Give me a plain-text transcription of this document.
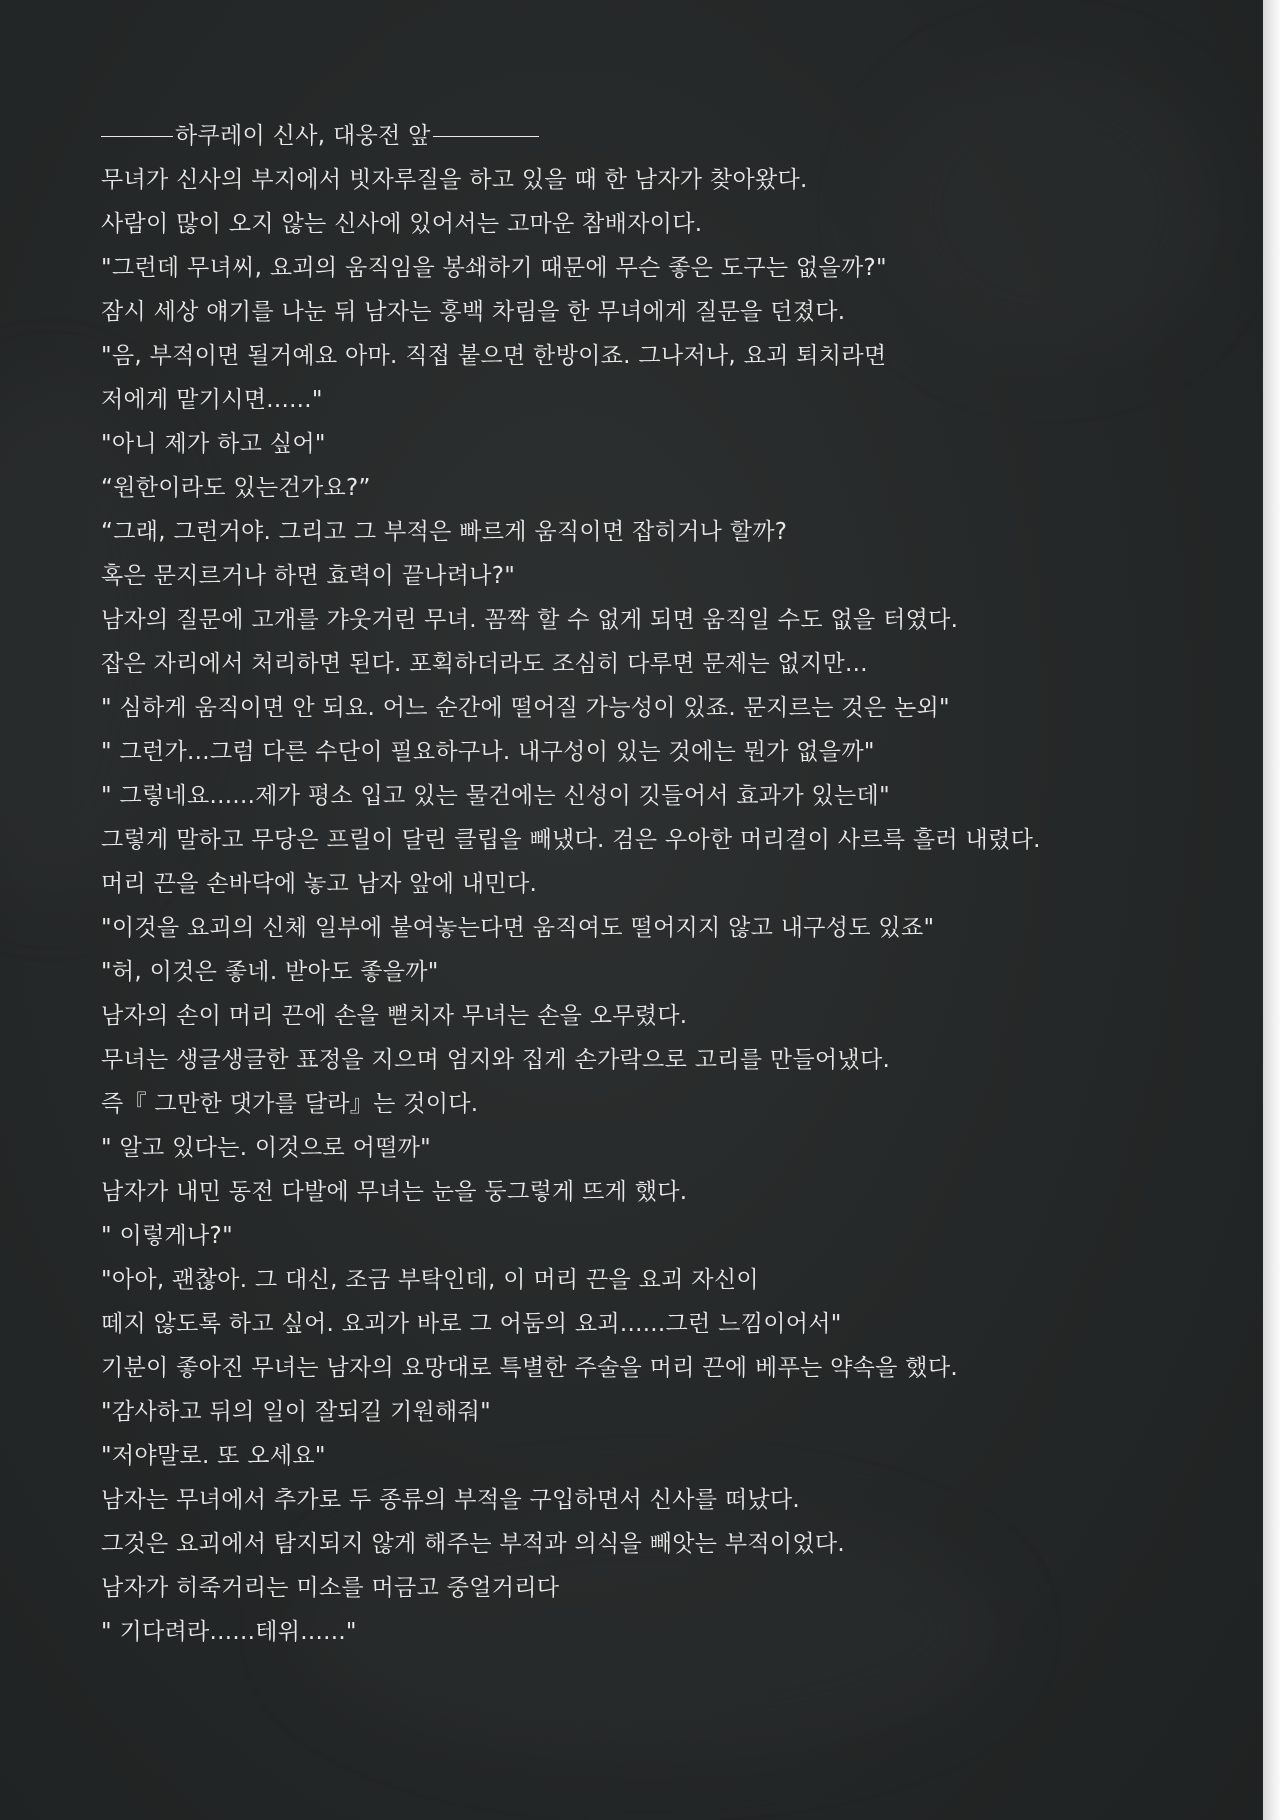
하쿠레이 신사, 대웅전 앞
무녀가 신사의 부지에서 빗자루질을 하고 있을 때 한 남자가 찾아왔다.
사람이 많이 오지 않는 신사에 있어서는 고마운 참배자이다.
"그런데 무녀씨, 요괴의 움직임을 봉쇄하기 때문에 무슨 좋은 도구는 없을까?"
잠시 세상 얘기를 나눈 뒤 남자는 홍백 차림을 한 무녀에게 질문을 던졌다.
"음, 부적이면 될거예요 아마. 직접 붙으면 한방이죠. 그나저나, 요괴 퇴치라면
저에게 맡기시면......"
"아니 제가 하고 싶어"
“원한이라도 있는건가요?”
“그래, 그런거야. 그리고 그 부적은 빠르게 움직이면 잡히거나 할까?
혹은 문지르거나 하면 효력이 끝나려나?"
남자의 질문에 고개를 갸웃거린 무녀. 꼼짝 할 수 없게 되면 움직일 수도 없을 터였다.
잡은 자리에서 처리하면 된다. 포획하더라도 조심히 다루면 문제는 없지만...
" 심하게 움직이면 안 되요. 어느 순간에 떨어질 가능성이 있죠. 문지르는 것은 논외"
" 그런가...그럼 다른 수단이 필요하구나. 내구성이 있는 것에는 뭔가 없을까"
" 그렇네요......제가 평소 입고 있는 물건에는 신성이 깃들어서 효과가 있는데"
그렇게 말하고 무당은 프릴이 달린 클립을 빼냈다. 검은 우아한 머리결이 사르륵 흘러 내렸다.
머리 끈을 손바닥에 놓고 남자 앞에 내민다.
"이것을 요괴의 신체 일부에 붙여놓는다면 움직여도 떨어지지 않고 내구성도 있죠"
"허, 이것은 좋네. 받아도 좋을까"
남자의 손이 머리 끈에 손을 뻗치자 무녀는 손을 오무렸다.
무녀는 생글생글한 표정을 지으며 엄지와 집게 손가락으로 고리를 만들어냈다.
즉『 그만한 댓가를 달라』는 것이다.
" 알고 있다는. 이것으로 어떨까"
남자가 내민 동전 다발에 무녀는 눈을 둥그렇게 뜨게 했다.
" 이렇게나?"
"아아, 괜찮아. 그 대신, 조금 부탁인데, 이 머리 끈을 요괴 자신이
떼지 않도록 하고 싶어. 요괴가 바로 그 어둠의 요괴......그런 느낌이어서"
기분이 좋아진 무녀는 남자의 요망대로 특별한 주술을 머리 끈에 베푸는 약속을 했다.
"감사하고 뒤의 일이 잘되길 기원해줘"
"저야말로. 또 오세요"
남자는 무녀에서 추가로 두 종류의 부적을 구입하면서 신사를 떠났다.
그것은 요괴에서 탐지되지 않게 해주는 부적과 의식을 빼앗는 부적이었다.
남자가 히죽거리는 미소를 머금고 중얼거리다
" 기다려라......테위......"
